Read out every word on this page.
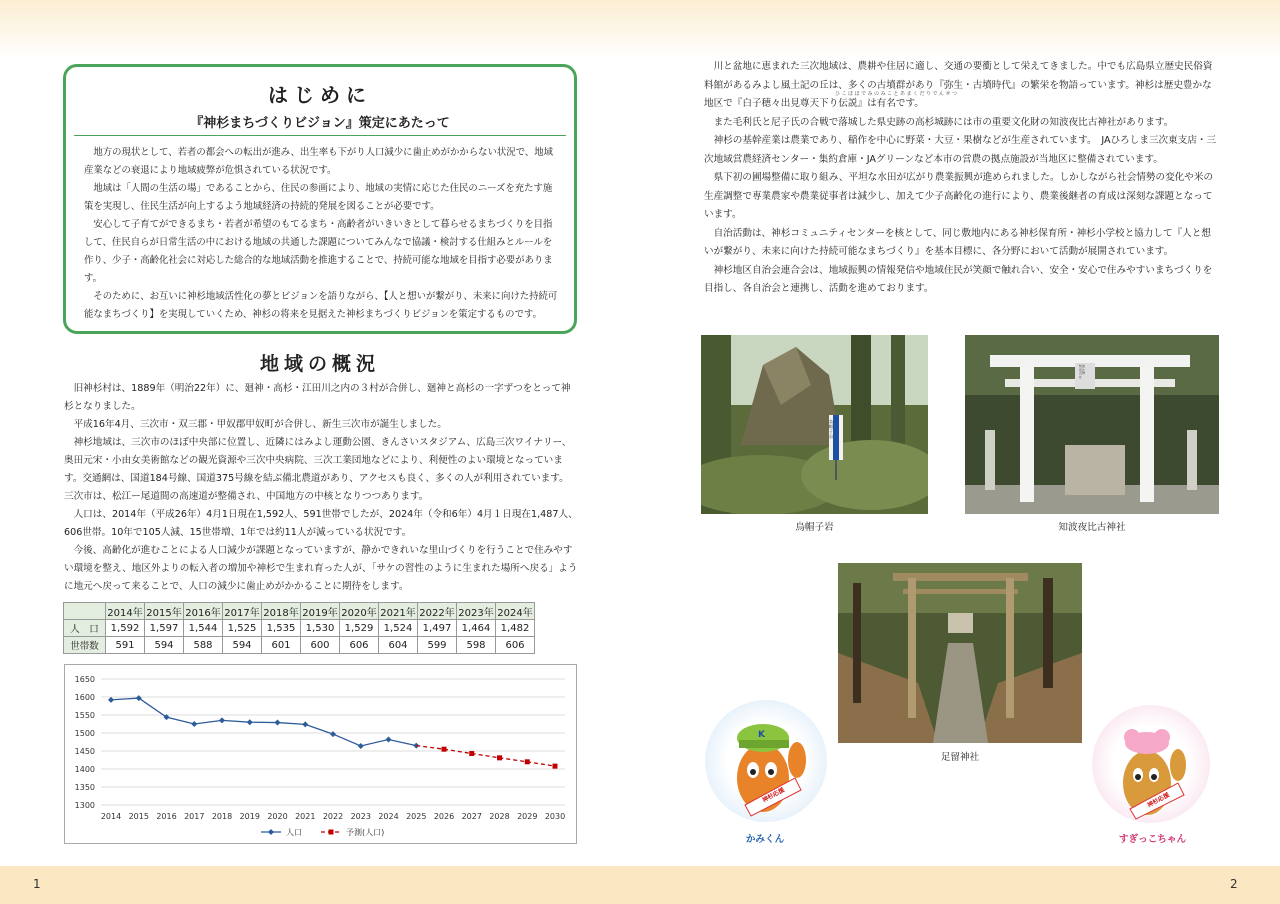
はじめに
『神杉まちづくりビジョン』策定にあたって

地方の現状として、若者の都会への転出が進み、出生率も下がり人口減少に歯止めがかからない状況で、地域産業などの衰退により地域疲弊が危惧されている状況です。

地域は「人間の生活の場」であることから、住民の参画により、地域の実情に応じた住民のニーズを充たす施策を実現し、住民生活が向上するよう地域経済の持続的発展を図ることが必要です。

安心して子育てができるまち・若者が希望のもてるまち・高齢者がいきいきとして暮らせるまちづくりを目指して、住民自らが日常生活の中における地域の共通した課題についてみんなで協議・検討する仕組みとルールを作り、少子・高齢化社会に対応した総合的な地域活動を推進することで、持続可能な地域を目指す必要があります。

そのために、お互いに神杉地域活性化の夢とビジョンを語りながら、【人と想いが繋がり、未来に向けた持続可能なまちづくり】を実現していくため、神杉の将来を見据えた神杉まちづくりビジョンを策定するものです。

地域の概況

旧神杉村は、1889年（明治22年）に、廻神・高杉・江田川之内の３村が合併し、廻神と高杉の一字ずつをとって神杉となりました。

平成16年4月、三次市・双三郡・甲奴郡甲奴町が合併し、新生三次市が誕生しました。

神杉地域は、三次市のほぼ中央部に位置し、近隣にはみよし運動公園、きんさいスタジアム、広島三次ワイナリー、奥田元宋・小由女美術館などの観光資源や三次中央病院、三次工業団地などにより、利便性のよい環境となっています。交通網は、国道184号線、国道375号線を結ぶ備北農道があり、アクセスも良く、多くの人が利用されています。三次市は、松江ー尾道間の高速道が整備され、中国地方の中核となりつつあります。

人口は、2014年（平成26年）4月1日現在1,592人、591世帯でしたが、2024年（令和6年）4月１日現在1,487人、606世帯。10年で105人減、15世帯増、1年では約11人が減っている状況です。

今後、高齢化が進むことによる人口減少が課題となっていますが、静かできれいな里山づくりを行うことで住みやすい環境を整え、地区外よりの転入者の増加や神杉で生まれ育った人が、「サケの習性のように生まれた場所へ戻る」ように地元へ戻って来ることで、人口の減少に歯止めがかかることに期待をします。

	2014年	2015年	2016年	2017年	2018年	2019年	2020年	2021年	2022年	2023年	2024年
人　口	1,592	1,597	1,544	1,525	1,535	1,530	1,529	1,524	1,497	1,464	1,482
世帯数	591	594	588	594	601	600	606	604	599	598	606
1300
1350
1400
1450
1500
1550
1600
1650
2014 2015 2016 2017 2018 2019 2020 2021 2022 2023 2024 2025 2026 2027 2028 2029 2030
人口	予測(人口)

川と盆地に恵まれた三次地域は、農耕や住居に適し、交通の要衝として栄えてきました。中でも広島県立歴史民俗資料館があるみよし風土記の丘は、多くの古墳群があり『弥生・古墳時代』の繁栄を物語っています。神杉は歴史豊かな地区で『白子穂々出見尊天下り伝説』は有名です。

また毛利氏と尼子氏の合戦で落城した県史跡の高杉城跡には市の重要文化財の知波夜比古神社があります。

神杉の基幹産業は農業であり、稲作を中心に野菜・大豆・果樹などが生産されています。　JAひろしま三次東支店・三次地域営農経済センター・集約倉庫・JAグリーンなど本市の営農の拠点施設が当地区に整備されています。

県下初の圃場整備に取り組み、平坦な水田が広がり農業振興が進められました。しかしながら社会情勢の変化や米の生産調整で専業農家や農業従事者は減少し、加えて少子高齢化の進行により、農業後継者の育成は深刻な課題となっています。

自治活動は、神杉コミュニティセンターを核として、同じ敷地内にある神杉保育所・神杉小学校と協力して『人と想いが繋がり、未来に向けた持続可能なまちづくり』を基本目標に、各分野において活動が展開されています。

神杉地区自治会連合会は、地域振興の情報発信や地域住民が笑顔で触れ合い、安全・安心で住みやすいまちづくりを目指し、各自治会と連携し、活動を進めております。

ひこほほでみのみことあまくだりでんせつ
烏帽子岩
烏帽子岩
知波夜比古神社
知波夜比古神社
足留神社
K
神杉応援
かみくん
神杉応援
すぎっこちゃん
1	2
